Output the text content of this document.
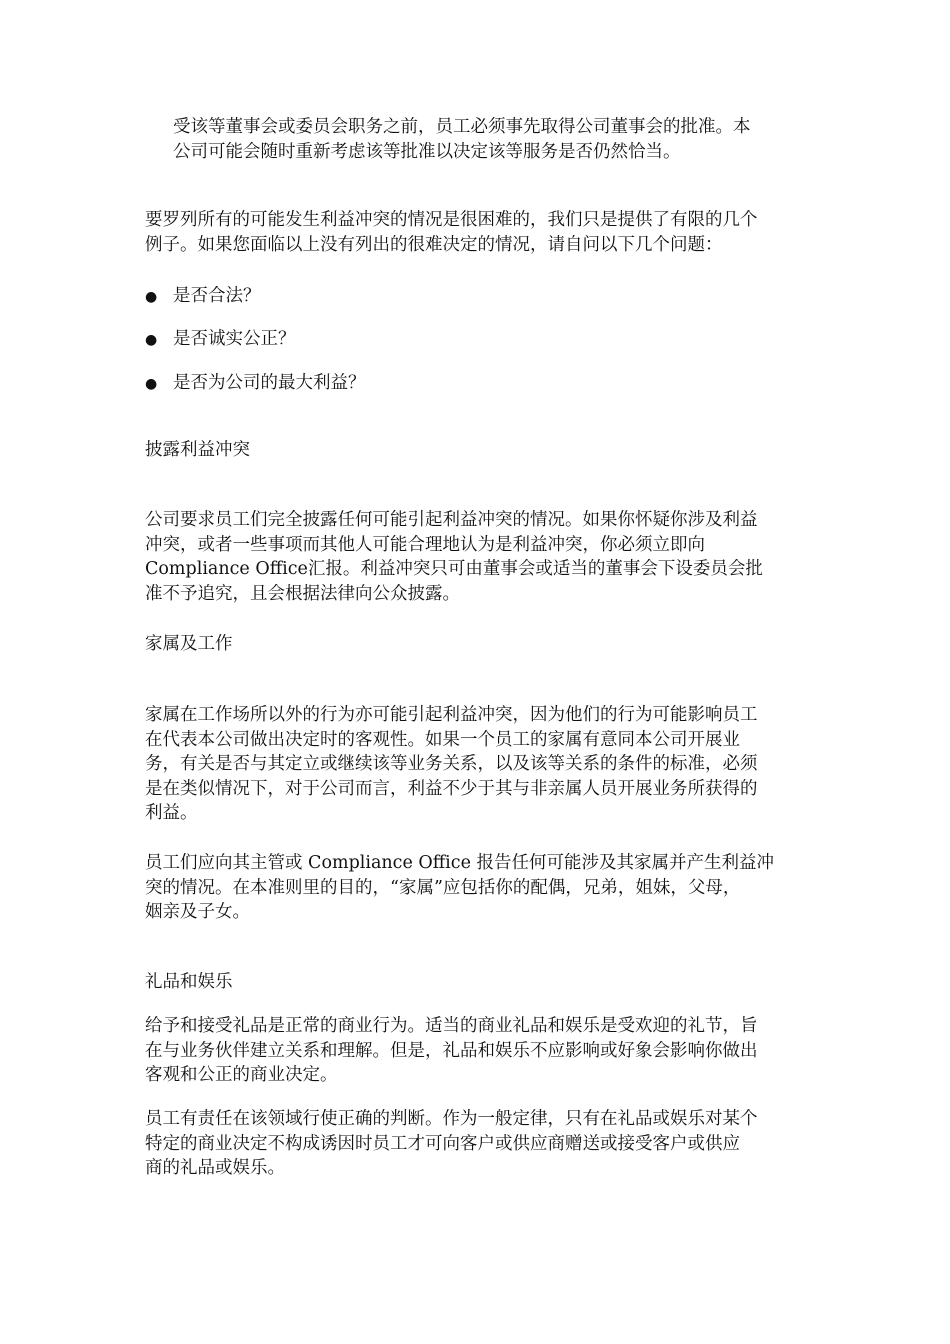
受该等董事会或委员会职务之前，员工必须事先取得公司董事会的批准。本
公司可能会随时重新考虑该等批准以决定该等服务是否仍然恰当。
要罗列所有的可能发生利益冲突的情况是很困难的，我们只是提供了有限的几个
例子。如果您面临以上没有列出的很难决定的情况，请自问以下几个问题：
● 是否合法？
● 是否诚实公正？
● 是否为公司的最大利益？
披露利益冲突
公司要求员工们完全披露任何可能引起利益冲突的情况。如果你怀疑你涉及利益
冲突，或者一些事项而其他人可能合理地认为是利益冲突，你必须立即向
Compliance Office汇报。利益冲突只可由董事会或适当的董事会下设委员会批
准不予追究，且会根据法律向公众披露。
家属及工作
家属在工作场所以外的行为亦可能引起利益冲突，因为他们的行为可能影响员工
在代表本公司做出决定时的客观性。如果一个员工的家属有意同本公司开展业
务，有关是否与其定立或继续该等业务关系，以及该等关系的条件的标准，必须
是在类似情况下，对于公司而言，利益不少于其与非亲属人员开展业务所获得的
利益。
员工们应向其主管或 Compliance Office 报告任何可能涉及其家属并产生利益冲
突的情况。在本准则里的目的，“家属”应包括你的配偶，兄弟，姐妹，父母，
姻亲及子女。
礼品和娱乐
给予和接受礼品是正常的商业行为。适当的商业礼品和娱乐是受欢迎的礼节，旨
在与业务伙伴建立关系和理解。但是，礼品和娱乐不应影响或好象会影响你做出
客观和公正的商业决定。
员工有责任在该领域行使正确的判断。作为一般定律，只有在礼品或娱乐对某个
特定的商业决定不构成诱因时员工才可向客户或供应商赠送或接受客户或供应
商的礼品或娱乐。
